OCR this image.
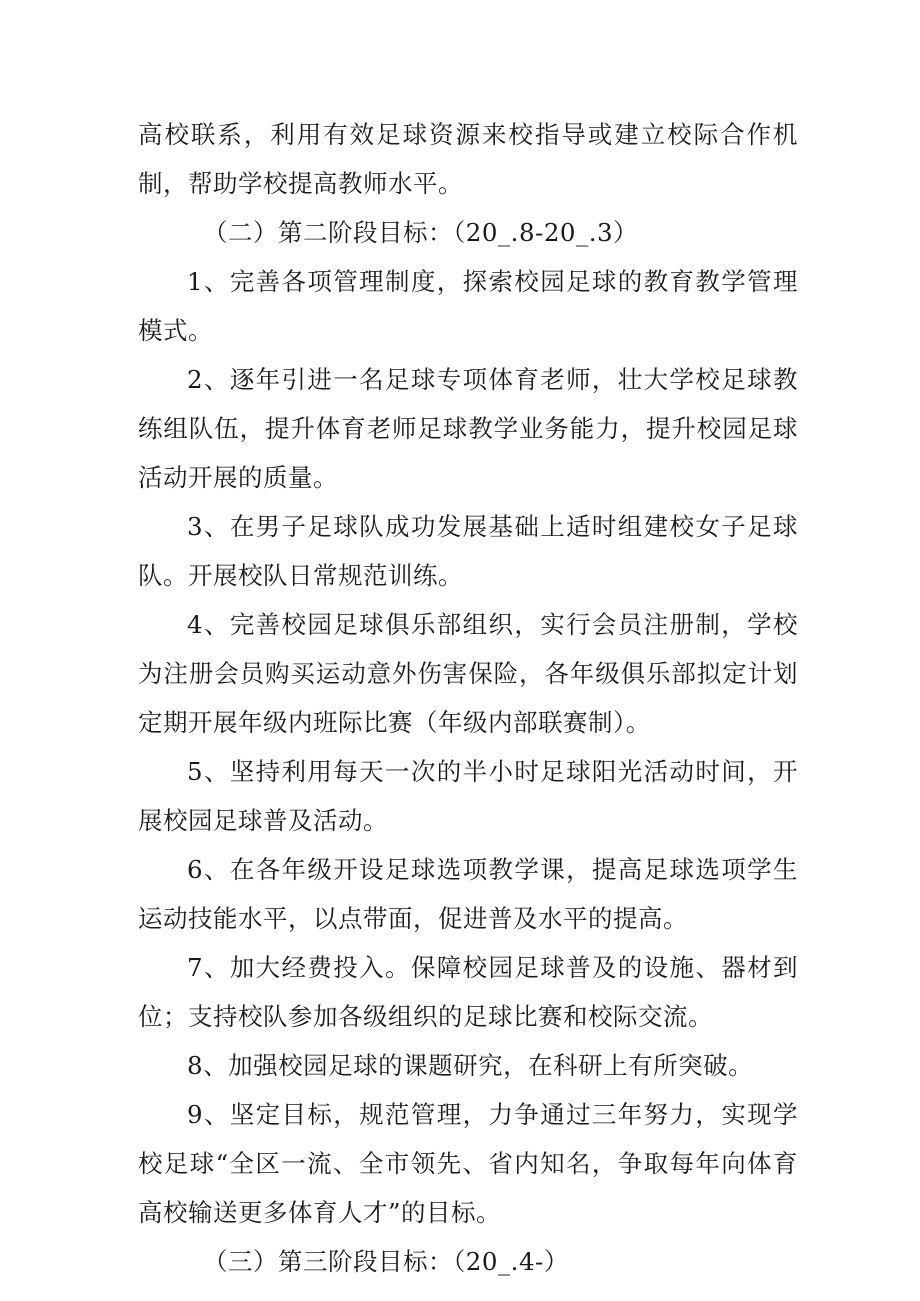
高校联系，利用有效足球资源来校指导或建立校际合作机制，帮助学校提高教师水平。

（二）第二阶段目标：（20_.8-20_.3）

1、完善各项管理制度，探索校园足球的教育教学管理模式。

2、逐年引进一名足球专项体育老师，壮大学校足球教练组队伍，提升体育老师足球教学业务能力，提升校园足球活动开展的质量。

3、在男子足球队成功发展基础上适时组建校女子足球队。开展校队日常规范训练。

4、完善校园足球俱乐部组织，实行会员注册制，学校为注册会员购买运动意外伤害保险，各年级俱乐部拟定计划定期开展年级内班际比赛（年级内部联赛制）。

5、坚持利用每天一次的半小时足球阳光活动时间，开展校园足球普及活动。

6、在各年级开设足球选项教学课，提高足球选项学生运动技能水平，以点带面，促进普及水平的提高。

7、加大经费投入。保障校园足球普及的设施、器材到位；支持校队参加各级组织的足球比赛和校际交流。

8、加强校园足球的课题研究，在科研上有所突破。

9、坚定目标，规范管理，力争通过三年努力，实现学校足球“全区一流、全市领先、省内知名，争取每年向体育高校输送更多体育人才”的目标。

（三）第三阶段目标：（20_.4-）
